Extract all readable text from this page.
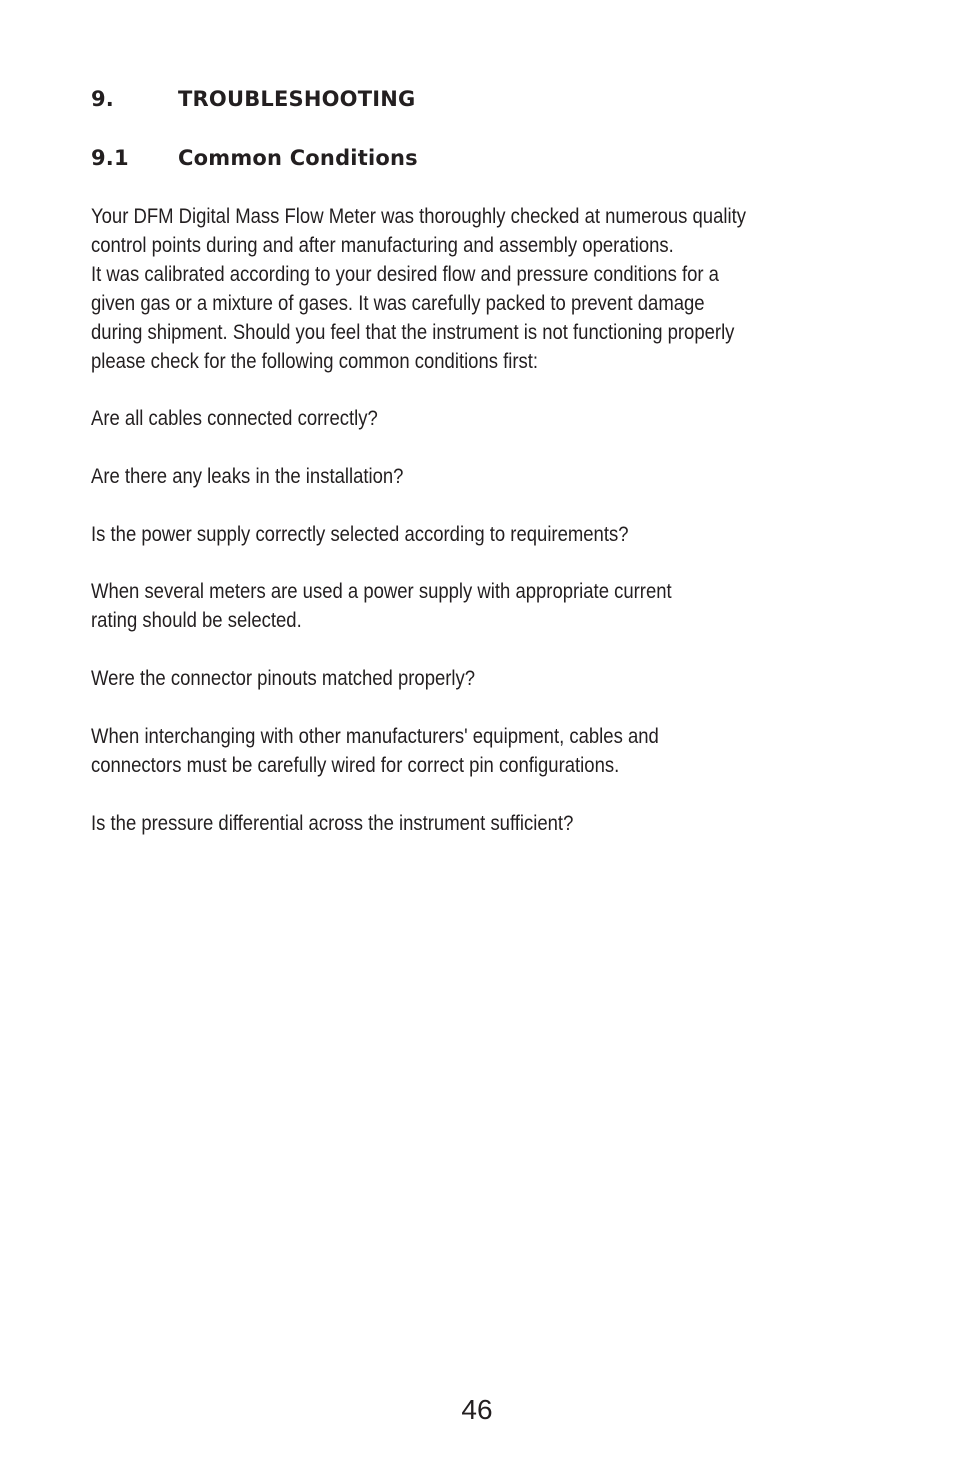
9.	TROUBLESHOOTING
9.1 Common Conditions
Your DFM Digital Mass Flow Meter was thoroughly checked at numerous quality
control points during and after manufacturing and assembly operations.
It was calibrated according to your desired flow and pressure conditions for a
given gas or a mixture of gases. It was carefully packed to prevent damage
during shipment. Should you feel that the instrument is not functioning properly
please check for the following common conditions first:
Are all cables connected correctly?
Are there any leaks in the installation?
Is the power supply correctly selected according to requirements?
When several meters are used a power supply with appropriate current
rating should be selected.
Were the connector pinouts matched properly?
When interchanging with other manufacturers' equipment, cables and
connectors must be carefully wired for correct pin configurations.
Is the pressure differential across the instrument sufficient?
46
